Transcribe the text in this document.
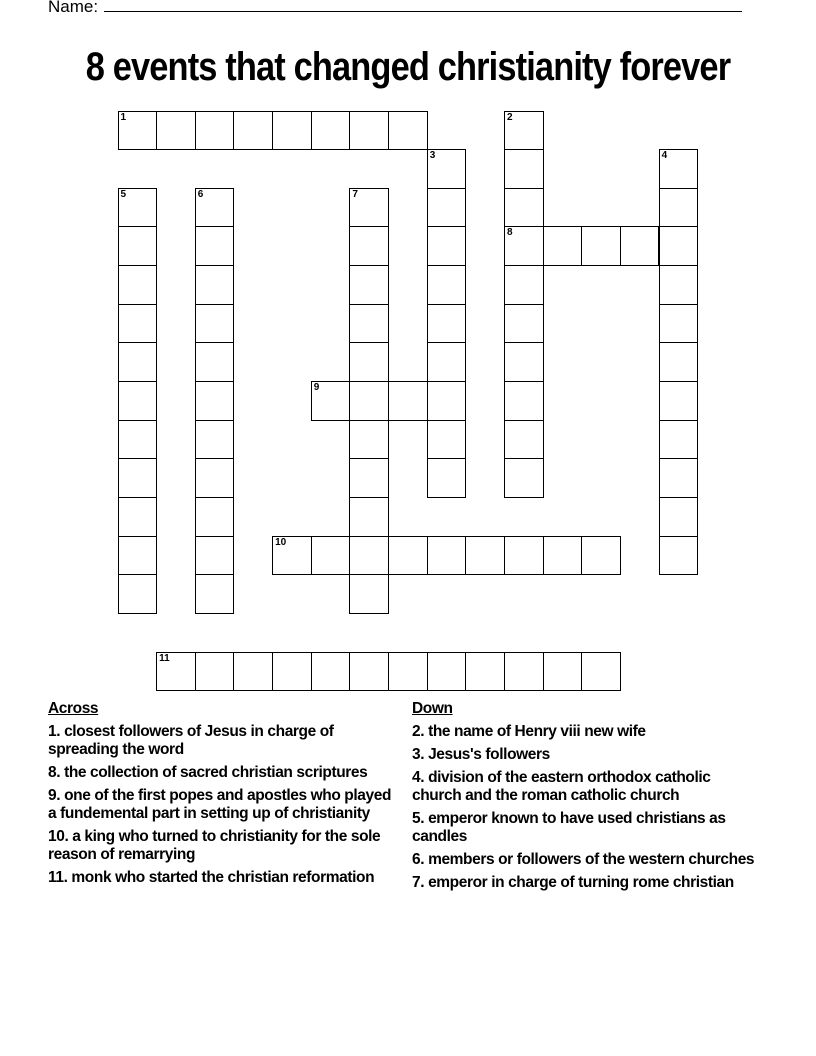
Name:
8 events that changed christianity forever
1	2
8
3	4
5	6	7
9
10
11
Across
1. closest followers of Jesus in charge of spreading the word
8. the collection of sacred christian scriptures
9. one of the first popes and apostles who played a fundemental part in setting up of christianity
10. a king who turned to christianity for the sole reason of remarrying
11. monk who started the christian reformation
Down
2. the name of Henry viii new wife
3. Jesus's followers
4. division of the eastern orthodox catholic church and the roman catholic church
5. emperor known to have used christians as candles
6. members or followers of the western churches
7. emperor in charge of turning rome christian
